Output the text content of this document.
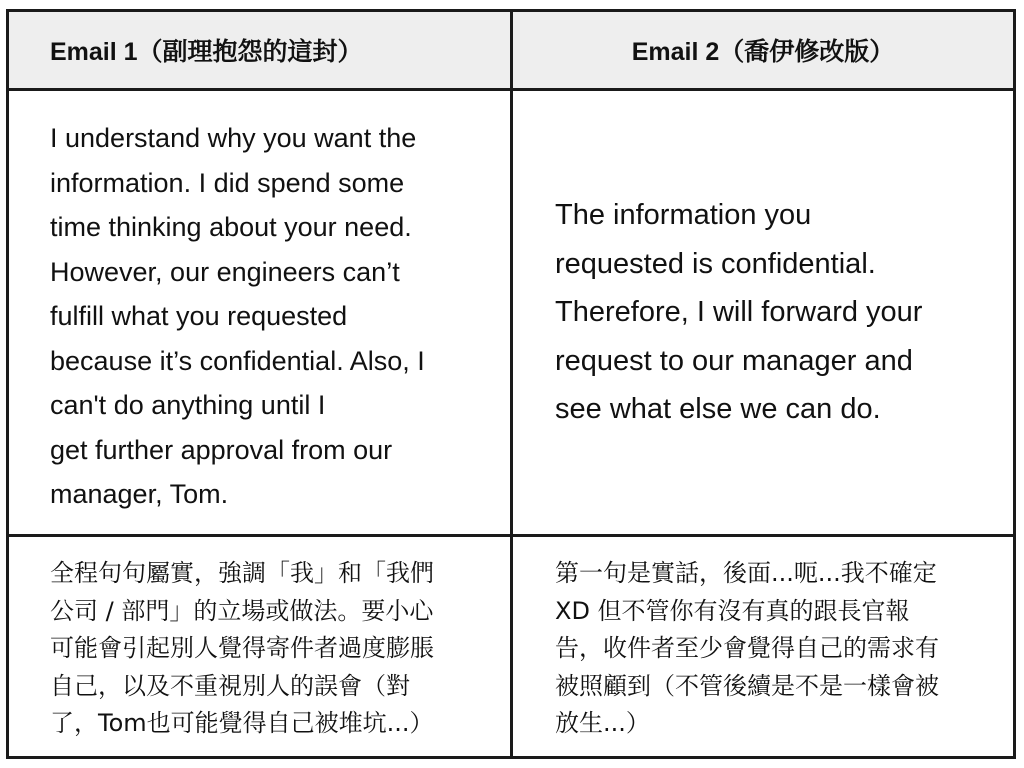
Email 1（副理抱怨的這封）	Email 2（喬伊修改版）
I understand why you want the
information. I did spend some
time thinking about your need.
However, our engineers can’t
fulfill what you requested
because it’s confidential. Also, I
can't do anything until I
get further approval from our
manager, Tom.
The information you
requested is confidential.
Therefore, I will forward your
request to our manager and
see what else we can do.
全程句句屬實，強調「我」和「我們
公司 / 部門」的立場或做法。要小心
可能會引起別人覺得寄件者過度膨脹
自己，以及不重視別人的誤會（對
了，Tom也可能覺得自己被堆坑...）
第一句是實話，後面...呃...我不確定
XD 但不管你有沒有真的跟長官報
告，收件者至少會覺得自己的需求有
被照顧到（不管後續是不是一樣會被
放生...）
